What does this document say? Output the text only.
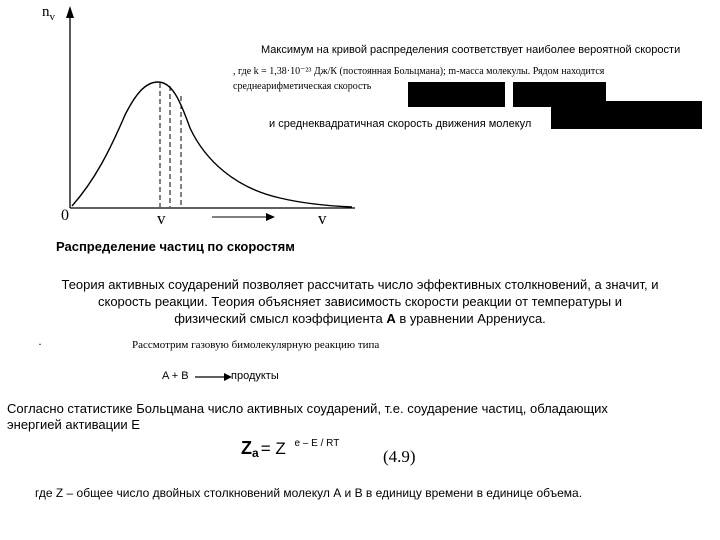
$n_v$
0	v	v
Распределение частиц по скоростям
Максимум на кривой распределения соответствует наиболее вероятной скорости
, где k = 1,38·10⁻²³ Дж/К (постоянная Больцмана); m-масса молекулы. Рядом находится
среднеарифметическая скорость
и среднеквадратичная скорость движения молекул
Теория активных соударений позволяет рассчитать число эффективных столкновений, а значит, и
скорость реакции. Теория объясняет зависимость скорости реакции от температуры и
физический смысл коэффициента А в уравнении Аррениуса.
·	Рассмотрим газовую бимолекулярную реакцию типа
A + B	продукты
Согласно статистике Больцмана число активных соударений, т.е. соударение частиц, обладающих
энергией активации Е
Za = Z $^{e - E / RT}$
(4.9)
где Z – общее число двойных столкновений молекул А и В в единицу времени в единице объема.
